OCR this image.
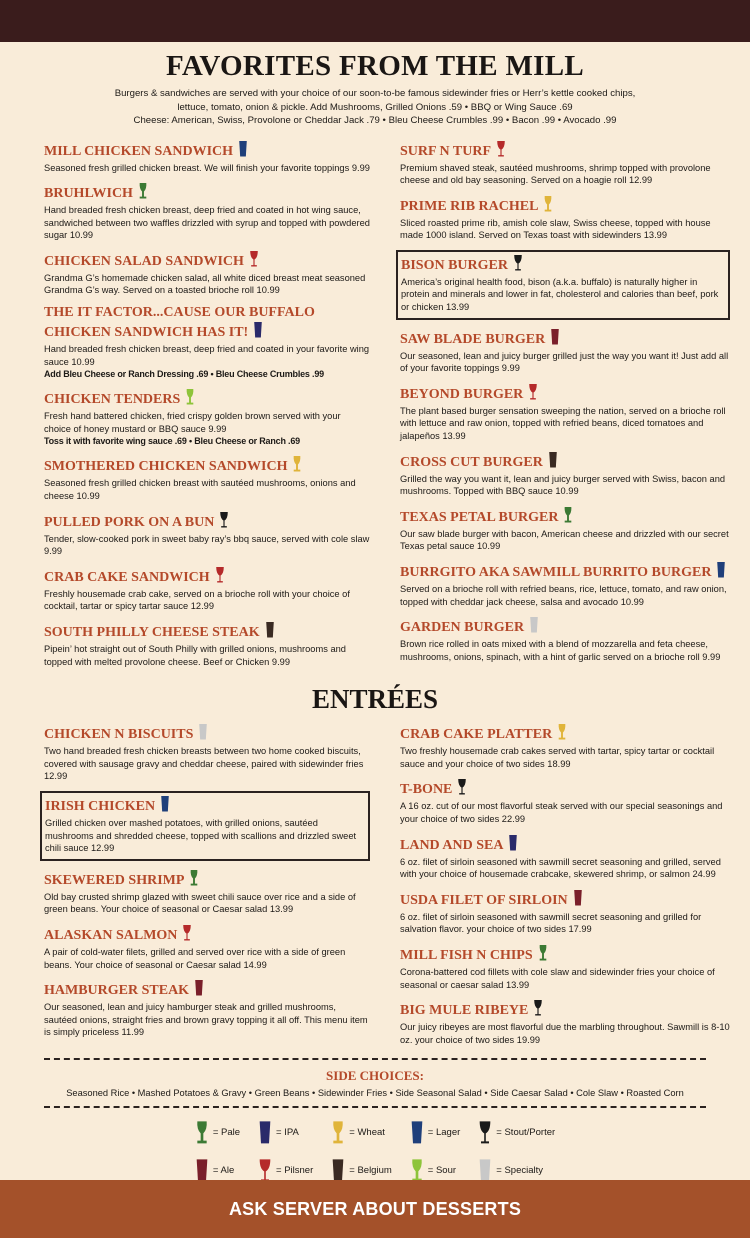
FAVORITES FROM THE MILL
Burgers & sandwiches are served with your choice of our soon-to-be famous sidewinder fries or Herr’s kettle cooked chips,
lettuce, tomato, onion & pickle. Add Mushrooms, Grilled Onions .59 • BBQ or Wing Sauce .69
Cheese: American, Swiss, Provolone or Cheddar Jack .79 • Bleu Cheese Crumbles .99 • Bacon .99 • Avocado .99
MILL CHICKEN SANDWICH
Seasoned fresh grilled chicken breast. We will finish your favorite toppings 9.99
BRUHLWICH
Hand breaded fresh chicken breast, deep fried and coated in hot wing sauce, sandwiched between two waffles drizzled with syrup and topped with powdered sugar 10.99
CHICKEN SALAD SANDWICH
Grandma G’s homemade chicken salad, all white diced breast meat seasoned Grandma G’s way. Served on a toasted brioche roll 10.99
THE IT FACTOR...CAUSE OUR BUFFALO CHICKEN SANDWICH HAS IT!
Hand breaded fresh chicken breast, deep fried and coated in your favorite wing sauce 10.99
Add Bleu Cheese or Ranch Dressing .69 • Bleu Cheese Crumbles .99
CHICKEN TENDERS
Fresh hand battered chicken, fried crispy golden brown served with your choice of honey mustard or BBQ sauce 9.99
Toss it with favorite wing sauce .69 • Bleu Cheese or Ranch .69
SMOTHERED CHICKEN SANDWICH
Seasoned fresh grilled chicken breast with sautéed mushrooms, onions and cheese 10.99
PULLED PORK ON A BUN
Tender, slow-cooked pork in sweet baby ray’s bbq sauce, served with cole slaw 9.99
CRAB CAKE SANDWICH
Freshly housemade crab cake, served on a brioche roll with your choice of cocktail, tartar or spicy tartar sauce 12.99
SOUTH PHILLY CHEESE STEAK
Pipein’ hot straight out of South Philly with grilled onions, mushrooms and topped with melted provolone cheese. Beef or Chicken 9.99
SURF N TURF
Premium shaved steak, sautéed mushrooms, shrimp topped with provolone cheese and old bay seasoning. Served on a hoagie roll 12.99
PRIME RIB RACHEL
Sliced roasted prime rib, amish cole slaw, Swiss cheese, topped with house made 1000 island. Served on Texas toast with sidewinders 13.99
BISON BURGER
America’s original health food, bison (a.k.a. buffalo) is naturally higher in protein and minerals and lower in fat, cholesterol and calories than beef, pork or chicken 13.99
SAW BLADE BURGER
Our seasoned, lean and juicy burger grilled just the way you want it! Just add all of your favorite toppings 9.99
BEYOND BURGER
The plant based burger sensation sweeping the nation, served on a brioche roll with lettuce and raw onion, topped with refried beans, diced tomatoes and jalapeños 13.99
CROSS CUT BURGER
Grilled the way you want it, lean and juicy burger served with Swiss, bacon and mushrooms. Topped with BBQ sauce 10.99
TEXAS PETAL BURGER
Our saw blade burger with bacon, American cheese and drizzled with our secret Texas petal sauce 10.99
BURRGITO AKA SAWMILL BURRITO BURGER
Served on a brioche roll with refried beans, rice, lettuce, tomato, and raw onion, topped with cheddar jack cheese, salsa and avocado 10.99
GARDEN BURGER
Brown rice rolled in oats mixed with a blend of mozzarella and feta cheese, mushrooms, onions, spinach, with a hint of garlic served on a brioche roll 9.99
ENTRÉES
CHICKEN N BISCUITS
Two hand breaded fresh chicken breasts between two home cooked biscuits, covered with sausage gravy and cheddar cheese, paired with sidewinder fries 12.99
IRISH CHICKEN
Grilled chicken over mashed potatoes, with grilled onions, sautéed mushrooms and shredded cheese, topped with scallions and drizzled sweet chili sauce 12.99
SKEWERED SHRIMP
Old bay crusted shrimp glazed with sweet chili sauce over rice and a side of green beans. Your choice of seasonal or Caesar salad 13.99
ALASKAN SALMON
A pair of cold-water filets, grilled and served over rice with a side of green beans. Your choice of seasonal or Caesar salad 14.99
HAMBURGER STEAK
Our seasoned, lean and juicy hamburger steak and grilled mushrooms, sautéed onions, straight fries and brown gravy topping it all off. This menu item is simply priceless 11.99
CRAB CAKE PLATTER
Two freshly housemade crab cakes served with tartar, spicy tartar or cocktail sauce and your choice of two sides 18.99
T-BONE
A 16 oz. cut of our most flavorful steak served with our special seasonings and your choice of two sides 22.99
LAND AND SEA
6 oz. filet of sirloin seasoned with sawmill secret seasoning and grilled, served with your choice of housemade crabcake, skewered shrimp, or salmon 24.99
USDA FILET OF SIRLOIN
6 oz. filet of sirloin seasoned with sawmill secret seasoning and grilled for salvation flavor. your choice of two sides 17.99
MILL FISH N CHIPS
Corona-battered cod fillets with cole slaw and sidewinder fries your choice of seasonal or caesar salad 13.99
BIG MULE RIBEYE
Our juicy ribeyes are most flavorful due the marbling throughout. Sawmill is 8-10 oz. your choice of two sides 19.99
SIDE CHOICES:
Seasoned Rice • Mashed Potatoes & Gravy • Green Beans • Sidewinder Fries • Side Seasonal Salad • Side Caesar Salad • Cole Slaw • Roasted Corn
= Pale	= IPA	= Wheat	= Lager	= Stout/Porter
= Ale	= Pilsner	= Belgium	= Sour	= Specialty
ASK SERVER ABOUT DESSERTS
